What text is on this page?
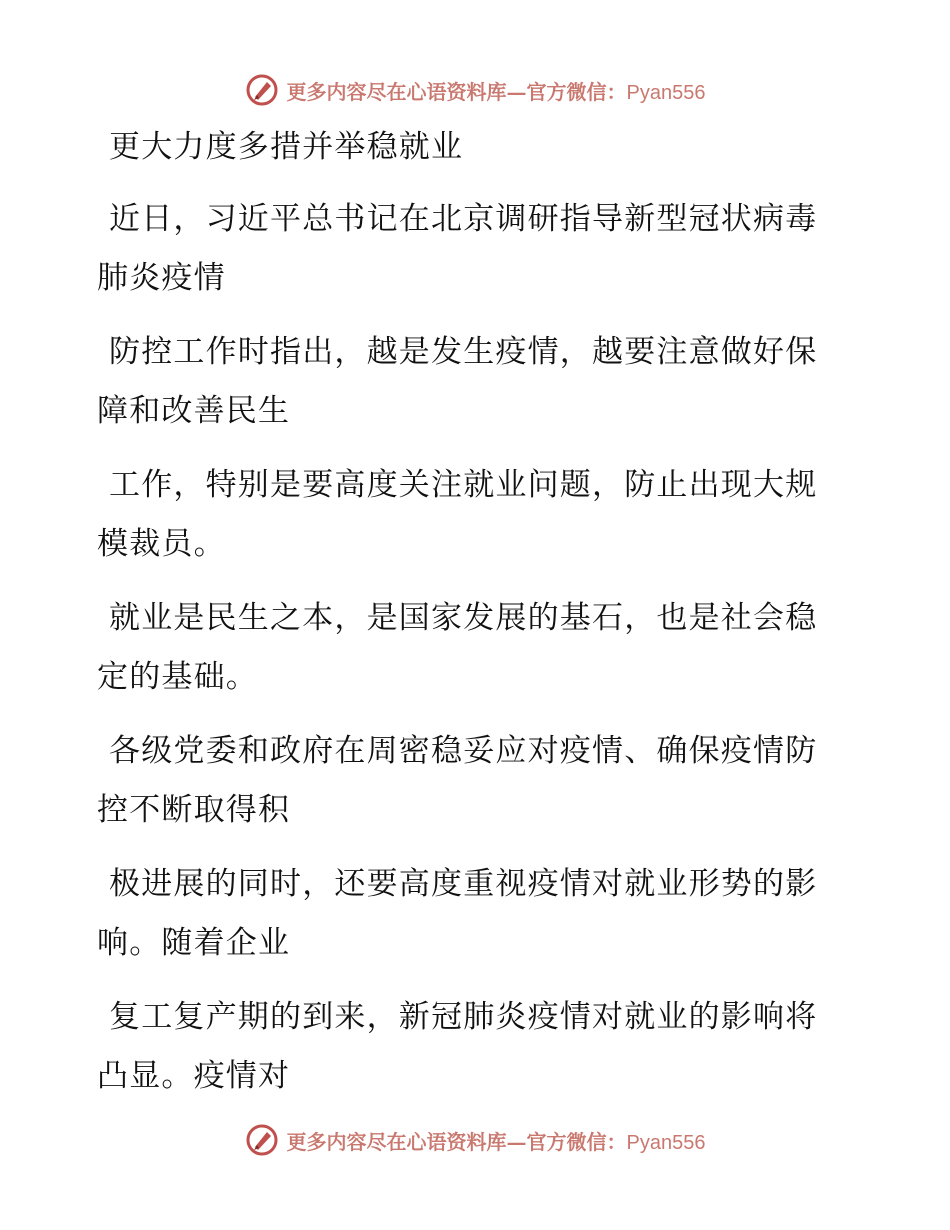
更多内容尽在心语资料库—官方微信：Pyan556

更大力度多措并举稳就业

近日，习近平总书记在北京调研指导新型冠状病毒肺炎疫情

防控工作时指出，越是发生疫情，越要注意做好保障和改善民生

工作，特别是要高度关注就业问题，防止出现大规模裁员。

就业是民生之本，是国家发展的基石，也是社会稳定的基础。

各级党委和政府在周密稳妥应对疫情、确保疫情防控不断取得积

极进展的同时，还要高度重视疫情对就业形势的影响。随着企业

复工复产期的到来，新冠肺炎疫情对就业的影响将凸显。疫情对

更多内容尽在心语资料库—官方微信：Pyan556
